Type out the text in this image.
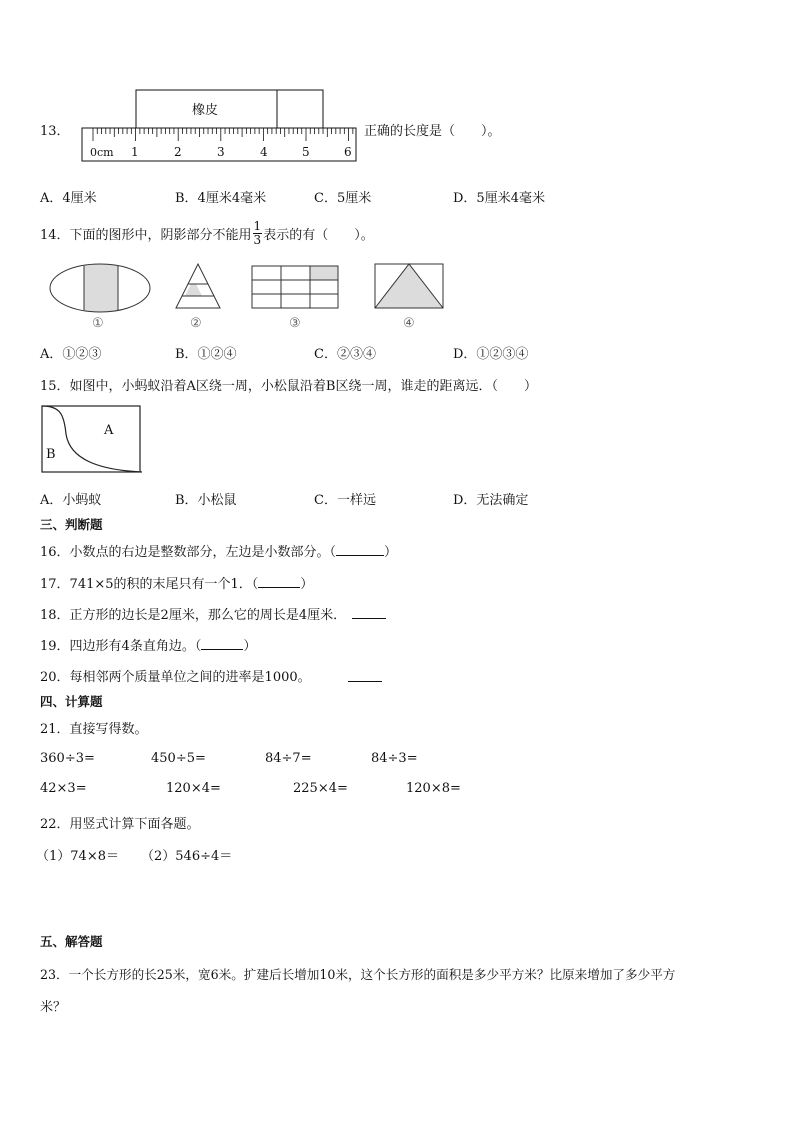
13．
橡皮
0cm 1	2	3	4	5	6
正确的长度是（　　）。
A．4厘米	B．4厘米4毫米	C．5厘米	D．5厘米4毫米
14．下面的图形中，阴影部分不能用 $\frac{1}{3}$ 表示的有（　　）。
①	②	③	④
A．①②③	B．①②④	C．②③④	D．①②③④
15．如图中，小蚂蚁沿着A区绕一周，小松鼠沿着B区绕一周，谁走的距离远．（　　）
A
B
A．小蚂蚁	B．小松鼠	C．一样远	D．无法确定
三、判断题
16．小数点的右边是整数部分，左边是小数部分。（	）
17．741×5的积的末尾只有一个1．（	）
18．正方形的边长是2厘米，那么它的周长是4厘米．
19．四边形有4条直角边。（	）
20．每相邻两个质量单位之间的进率是1000。
四、计算题
21．直接写得数。
360÷3=	450÷5=	84÷7=	84÷3=
42×3=	120×4=	225×4=	120×8=
22．用竖式计算下面各题。
（1）74×8＝ （2）546÷4＝
五、解答题
23．一个长方形的长25米，宽6米。扩建后长增加10米，这个长方形的面积是多少平方米？比原来增加了多少平方
米？
